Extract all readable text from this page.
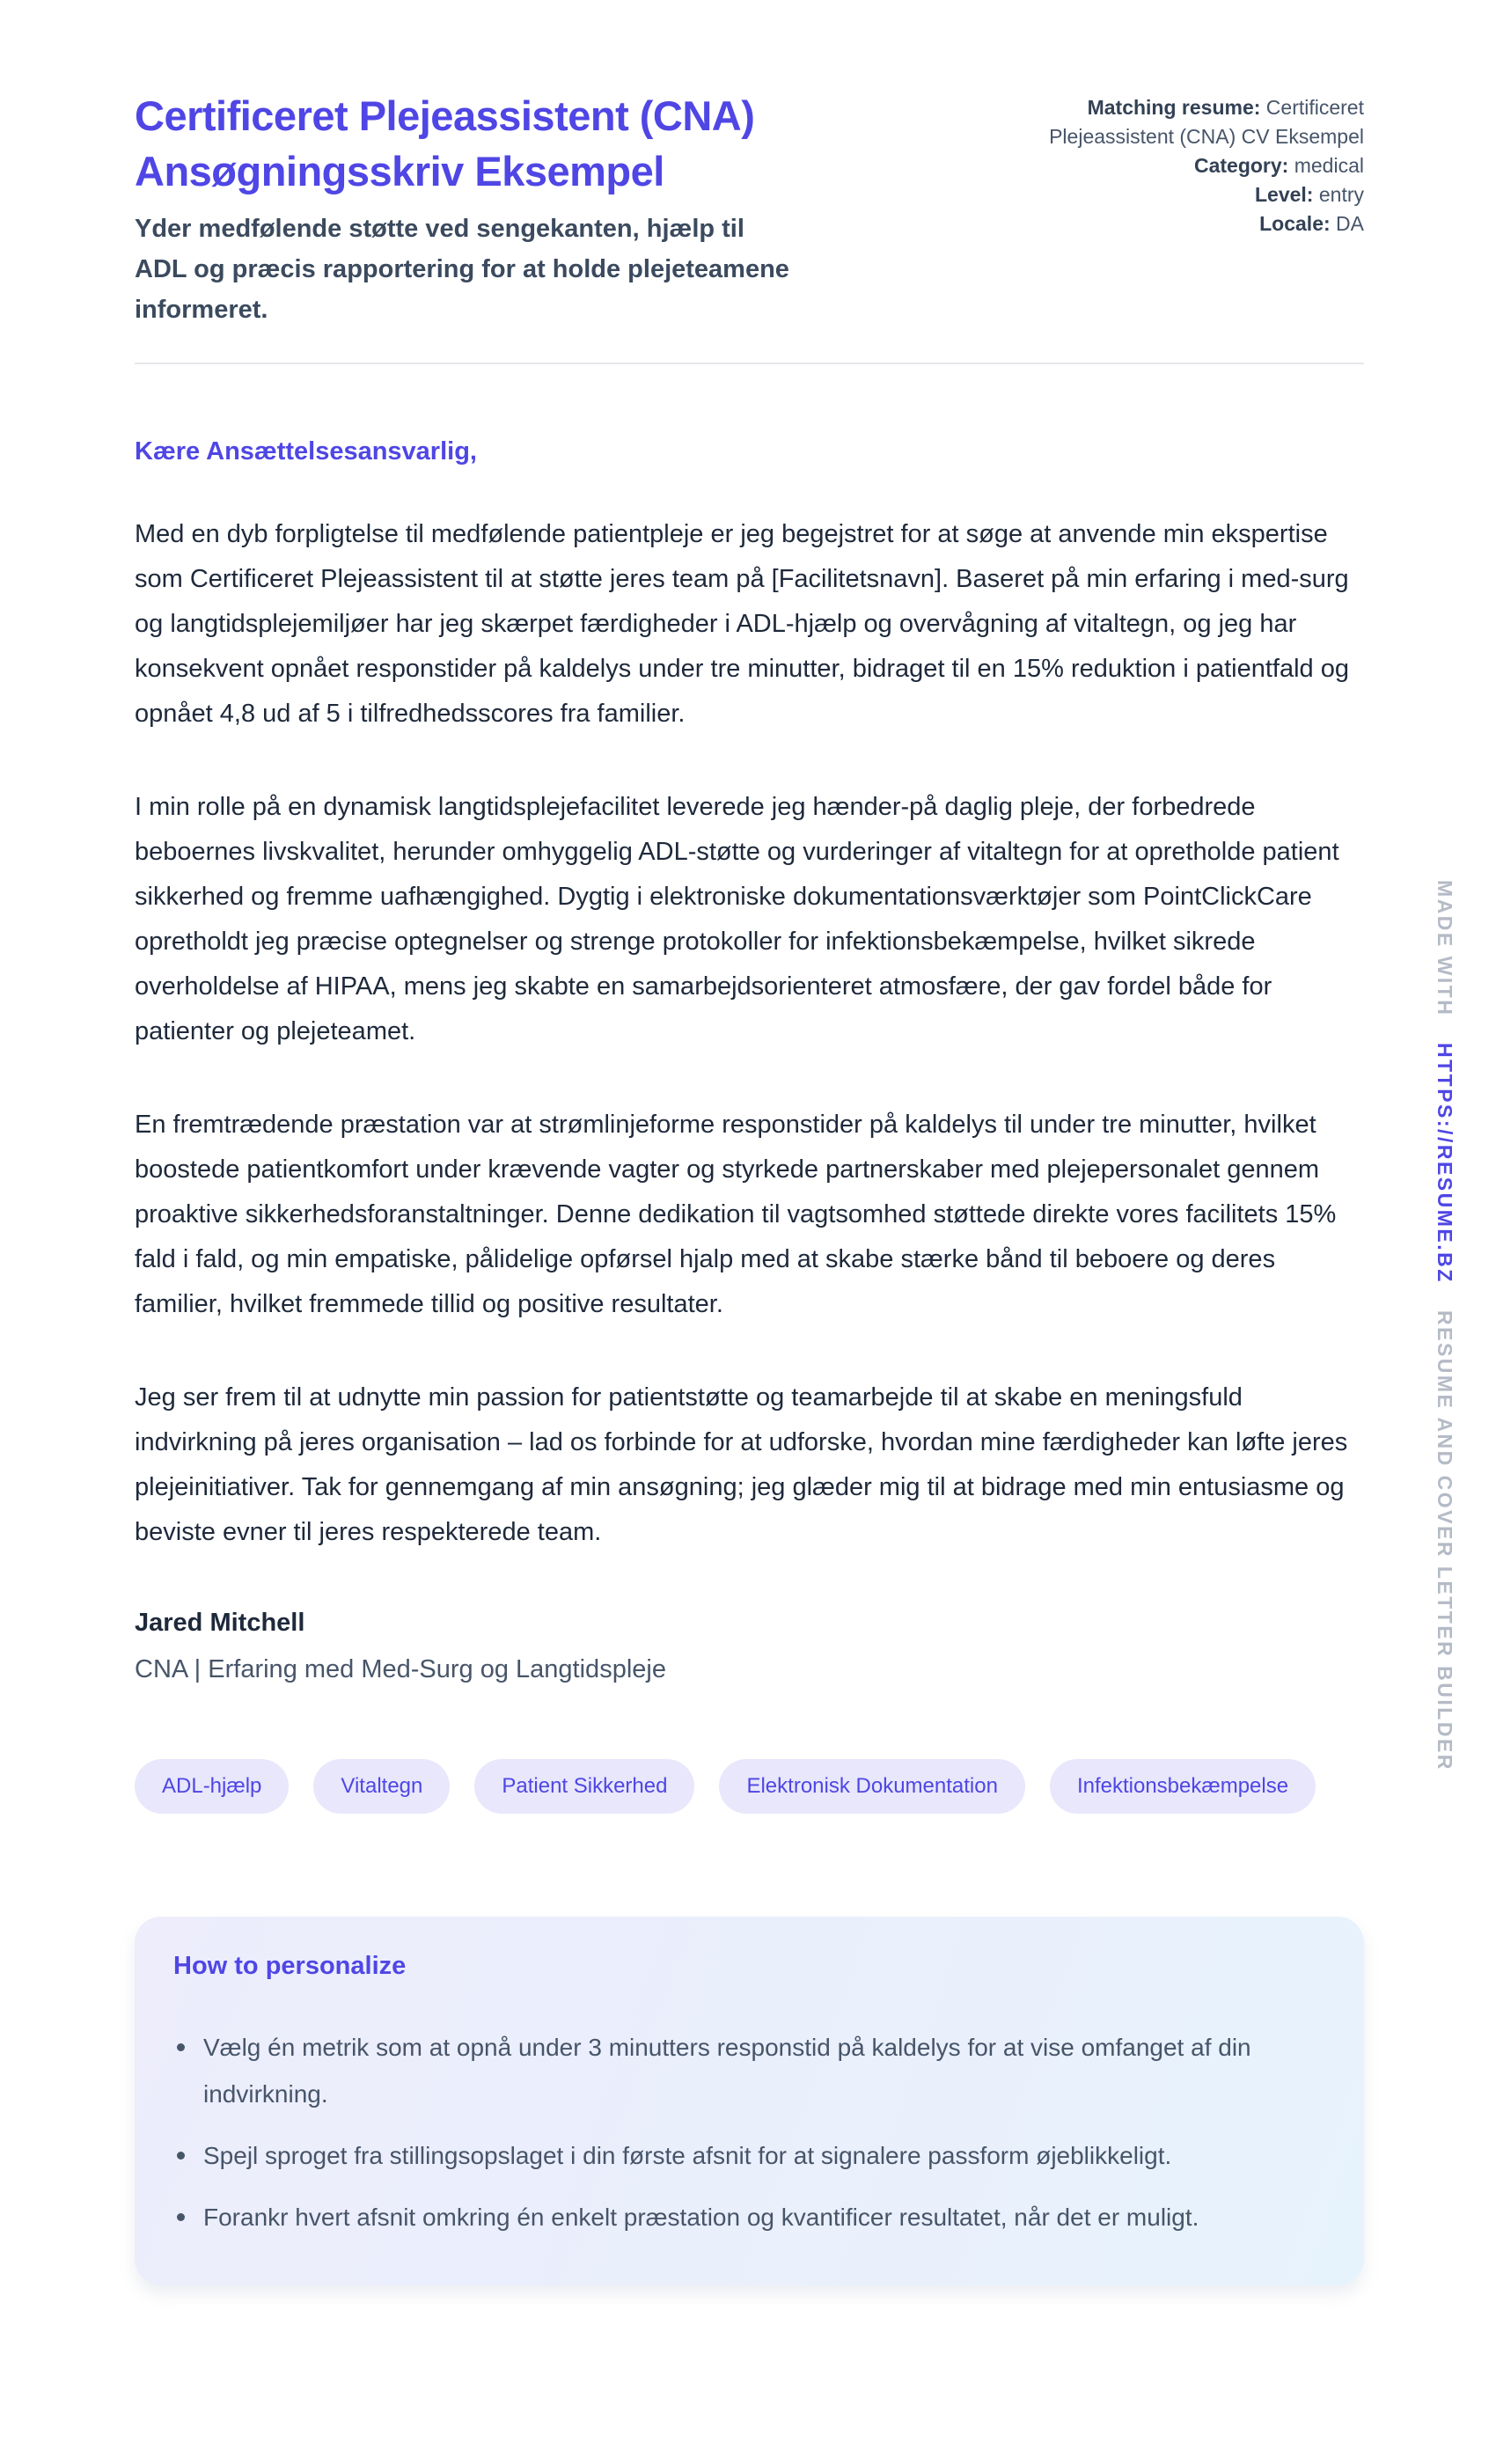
Certificeret Plejeassistent (CNA) Ansøgningsskriv Eksempel

Yder medfølende støtte ved sengekanten, hjælp til ADL og præcis rapportering for at holde plejeteamene informeret.

Matching resume: Certificeret Plejeassistent (CNA) CV Eksempel
Category: medical
Level: entry
Locale: DA

Kære Ansættelsesansvarlig,

Med en dyb forpligtelse til medfølende patientpleje er jeg begejstret for at søge at anvende min ekspertise som Certificeret Plejeassistent til at støtte jeres team på [Facilitetsnavn]. Baseret på min erfaring i med-surg og langtidsplejemiljøer har jeg skærpet færdigheder i ADL-hjælp og overvågning af vitaltegn, og jeg har konsekvent opnået responstider på kaldelys under tre minutter, bidraget til en 15% reduktion i patientfald og opnået 4,8 ud af 5 i tilfredhedsscores fra familier.

I min rolle på en dynamisk langtidsplejefacilitet leverede jeg hænder-på daglig pleje, der forbedrede beboernes livskvalitet, herunder omhyggelig ADL-støtte og vurderinger af vitaltegn for at opretholde patient sikkerhed og fremme uafhængighed. Dygtig i elektroniske dokumentationsværktøjer som PointClickCare opretholdt jeg præcise optegnelser og strenge protokoller for infektionsbekæmpelse, hvilket sikrede overholdelse af HIPAA, mens jeg skabte en samarbejdsorienteret atmosfære, der gav fordel både for patienter og plejeteamet.

En fremtrædende præstation var at strømlinjeforme responstider på kaldelys til under tre minutter, hvilket boostede patientkomfort under krævende vagter og styrkede partnerskaber med plejepersonalet gennem proaktive sikkerhedsforanstaltninger. Denne dedikation til vagtsomhed støttede direkte vores facilitets 15% fald i fald, og min empatiske, pålidelige opførsel hjalp med at skabe stærke bånd til beboere og deres familier, hvilket fremmede tillid og positive resultater.

Jeg ser frem til at udnytte min passion for patientstøtte og teamarbejde til at skabe en meningsfuld indvirkning på jeres organisation – lad os forbinde for at udforske, hvordan mine færdigheder kan løfte jeres plejeinitiativer. Tak for gennemgang af min ansøgning; jeg glæder mig til at bidrage med min entusiasme og beviste evner til jeres respekterede team.

Jared Mitchell

CNA | Erfaring med Med-Surg og Langtidspleje

ADL-hjælp	Vitaltegn	Patient Sikkerhed	Elektronisk Dokumentation	Infektionsbekæmpelse
How to personalize
Vælg én metrik som at opnå under 3 minutters responstid på kaldelys for at vise omfanget af din indvirkning.
Spejl sproget fra stillingsopslaget i din første afsnit for at signalere passform øjeblikkeligt.
Forankr hvert afsnit omkring én enkelt præstation og kvantificer resultatet, når det er muligt.
MADE WITH
HTTPS://RESUME.BZ
RESUME AND COVER LETTER BUILDER
